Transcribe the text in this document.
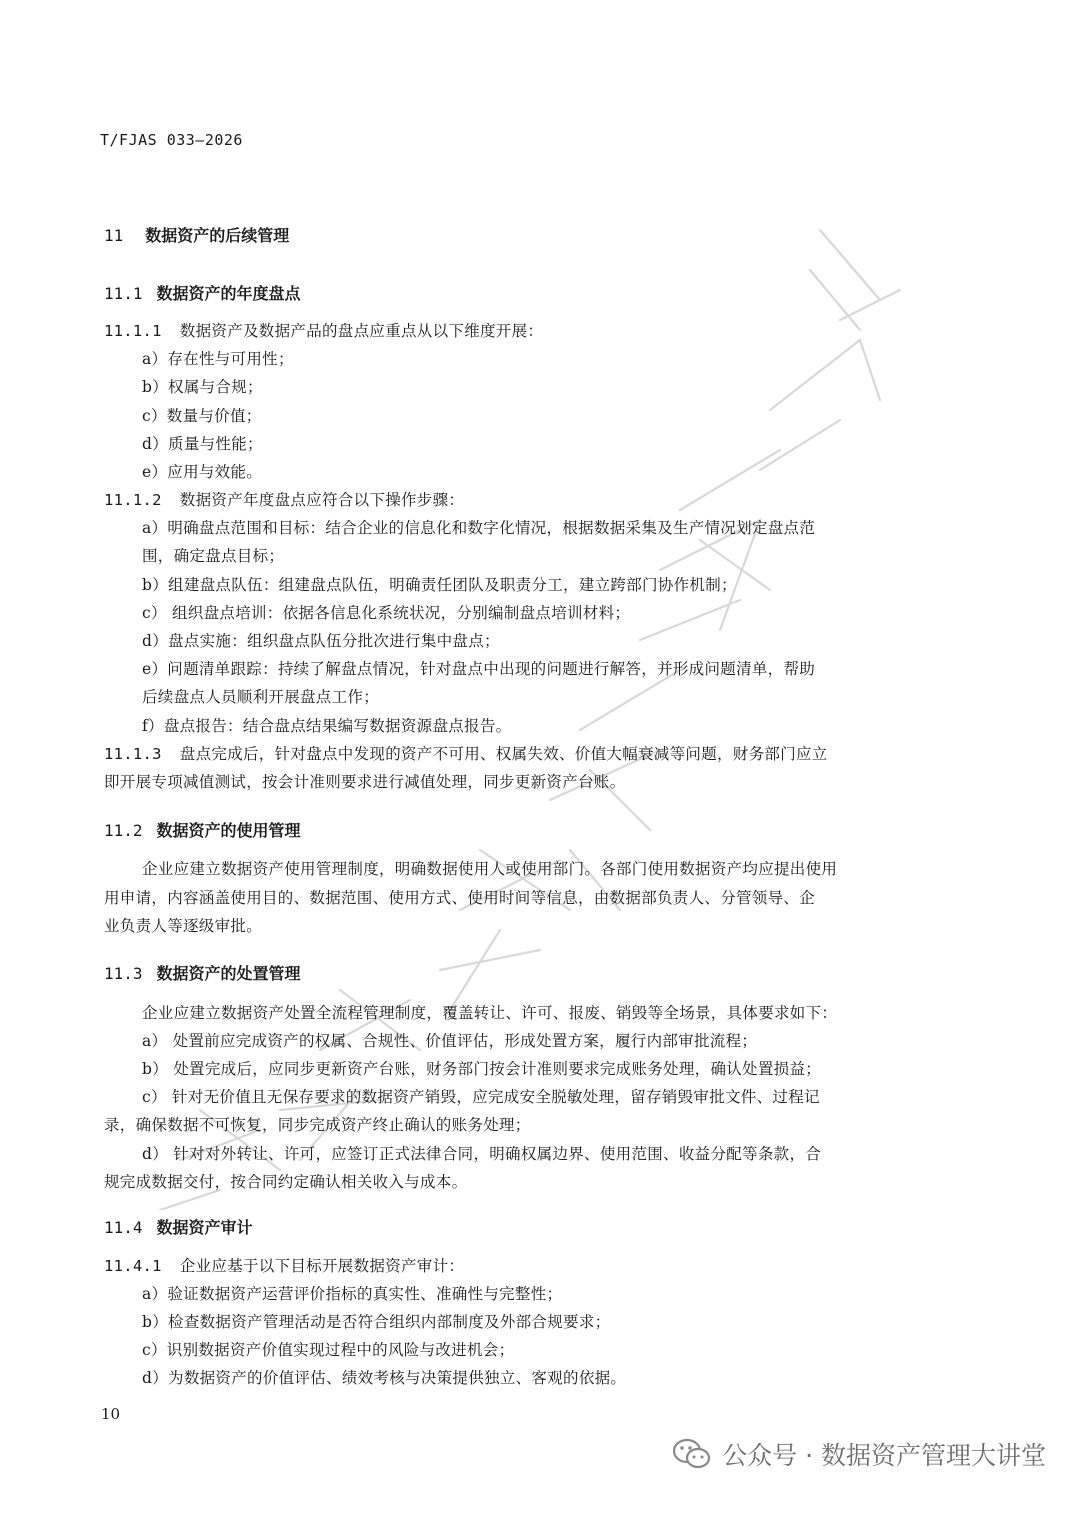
T/FJAS 033—2026
11 数据资产的后续管理
11.1 数据资产的年度盘点
11.1.1 数据资产及数据产品的盘点应重点从以下维度开展：
a）存在性与可用性；
b）权属与合规；
c）数量与价值；
d）质量与性能；
e）应用与效能。
11.1.2 数据资产年度盘点应符合以下操作步骤：
a）明确盘点范围和目标：结合企业的信息化和数字化情况，根据数据采集及生产情况划定盘点范
围，确定盘点目标；
b）组建盘点队伍：组建盘点队伍，明确责任团队及职责分工，建立跨部门协作机制；
c） 组织盘点培训：依据各信息化系统状况，分别编制盘点培训材料；
d）盘点实施：组织盘点队伍分批次进行集中盘点；
e）问题清单跟踪：持续了解盘点情况，针对盘点中出现的问题进行解答，并形成问题清单，帮助
后续盘点人员顺利开展盘点工作；
f）盘点报告：结合盘点结果编写数据资源盘点报告。
11.1.3 盘点完成后，针对盘点中发现的资产不可用、权属失效、价值大幅衰减等问题，财务部门应立
即开展专项减值测试，按会计准则要求进行减值处理，同步更新资产台账。
11.2 数据资产的使用管理
企业应建立数据资产使用管理制度，明确数据使用人或使用部门。各部门使用数据资产均应提出使用
用申请，内容涵盖使用目的、数据范围、使用方式、使用时间等信息，由数据部负责人、分管领导、企
业负责人等逐级审批。
11.3 数据资产的处置管理
企业应建立数据资产处置全流程管理制度，覆盖转让、许可、报废、销毁等全场景，具体要求如下：
a） 处置前应完成资产的权属、合规性、价值评估，形成处置方案，履行内部审批流程；
b） 处置完成后，应同步更新资产台账，财务部门按会计准则要求完成账务处理，确认处置损益；
c） 针对无价值且无保存要求的数据资产销毁，应完成安全脱敏处理，留存销毁审批文件、过程记
录，确保数据不可恢复，同步完成资产终止确认的账务处理；
d） 针对对外转让、许可，应签订正式法律合同，明确权属边界、使用范围、收益分配等条款，合
规完成数据交付，按合同约定确认相关收入与成本。
11.4 数据资产审计
11.4.1 企业应基于以下目标开展数据资产审计：
a）验证数据资产运营评价指标的真实性、准确性与完整性；
b）检查数据资产管理活动是否符合组织内部制度及外部合规要求；
c）识别数据资产价值实现过程中的风险与改进机会；
d）为数据资产的价值评估、绩效考核与决策提供独立、客观的依据。
10
公众号 · 数据资产管理大讲堂
